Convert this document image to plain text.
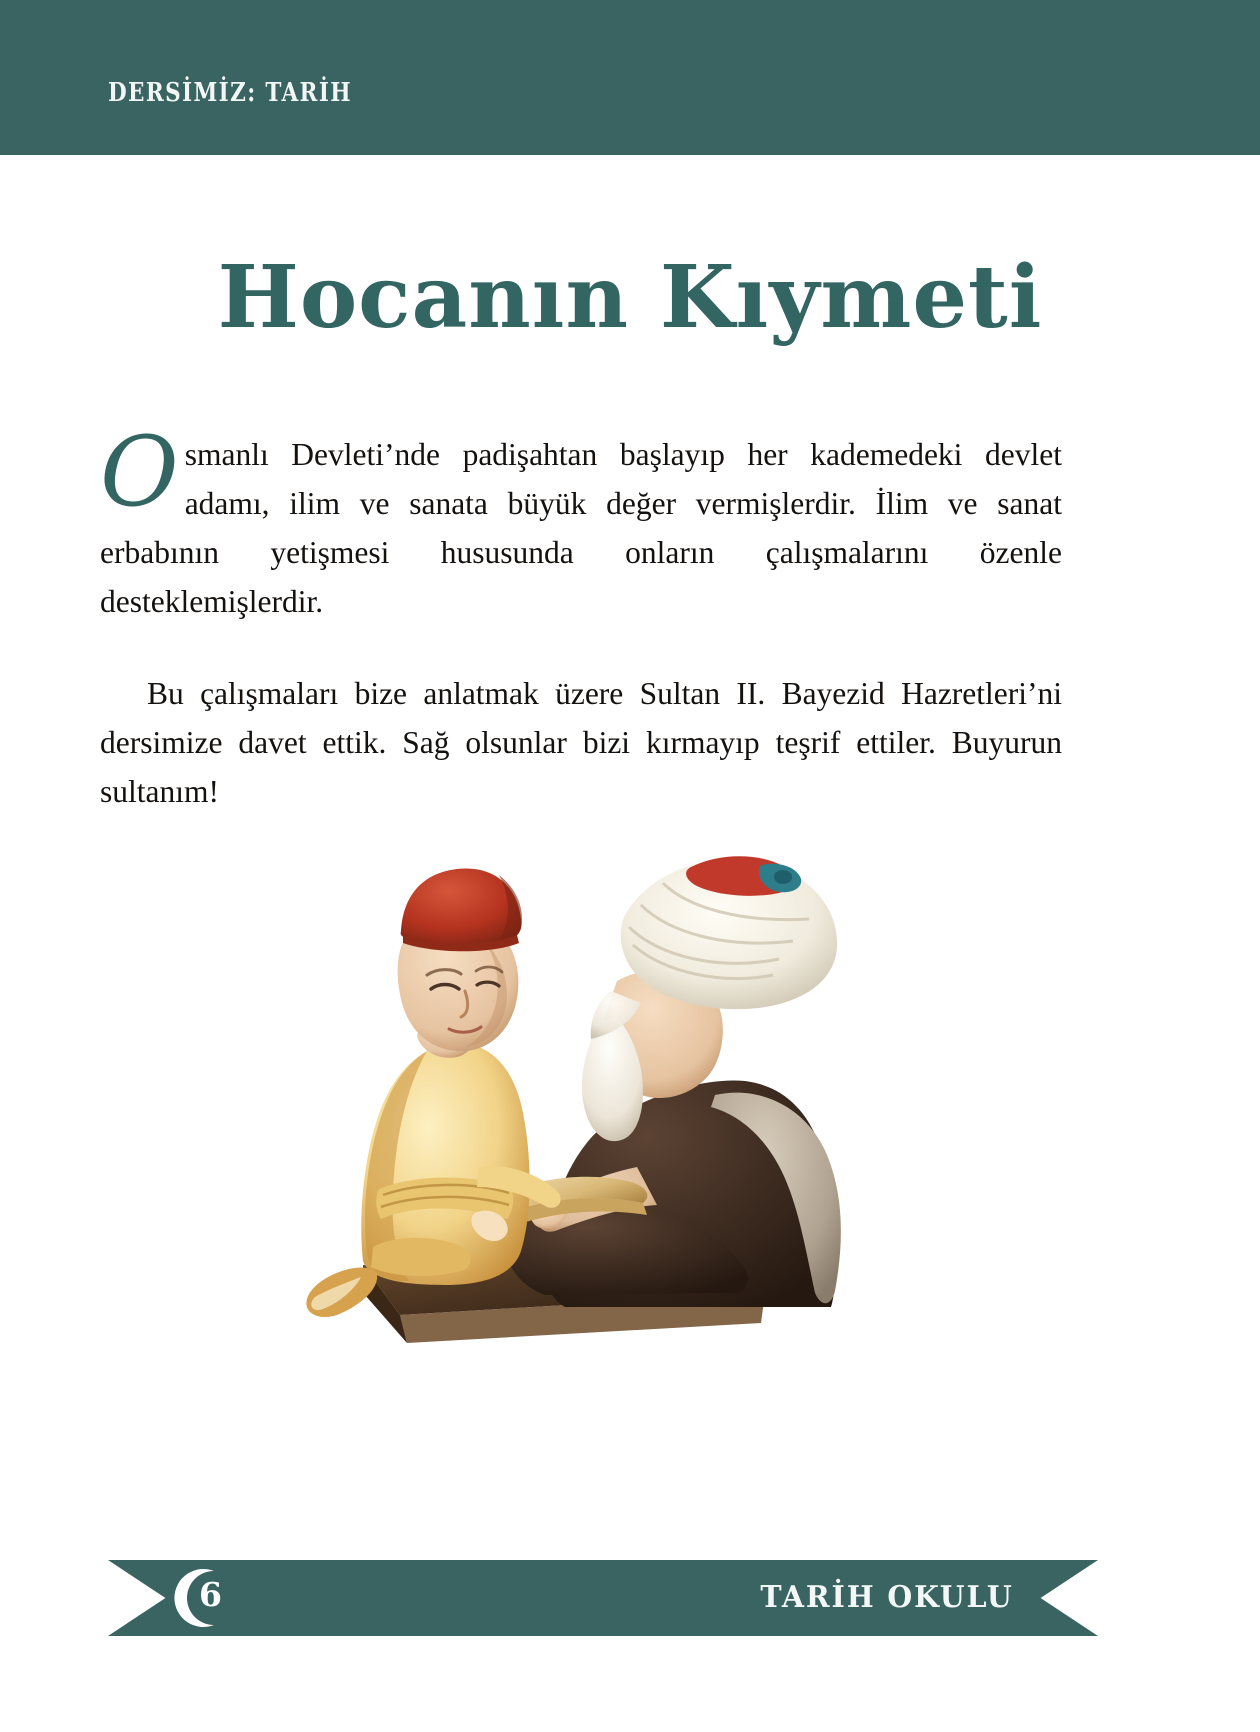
DERSİMİZ: TARİH
Hocanın Kıymeti

Osmanlı Devleti’nde padişahtan başlayıp her kademedeki devlet adamı, ilim ve sanata büyük değer vermişlerdir. İlim ve sanat erbabının yetişmesi hususunda onların çalışmalarını özenle desteklemişlerdir.

Bu çalışmaları bize anlatmak üzere Sultan II. Bayezid Hazretleri’ni dersimize davet ettik. Sağ olsunlar bizi kırmayıp teşrif ettiler. Buyurun sultanım!

6	TARİH OKULU
